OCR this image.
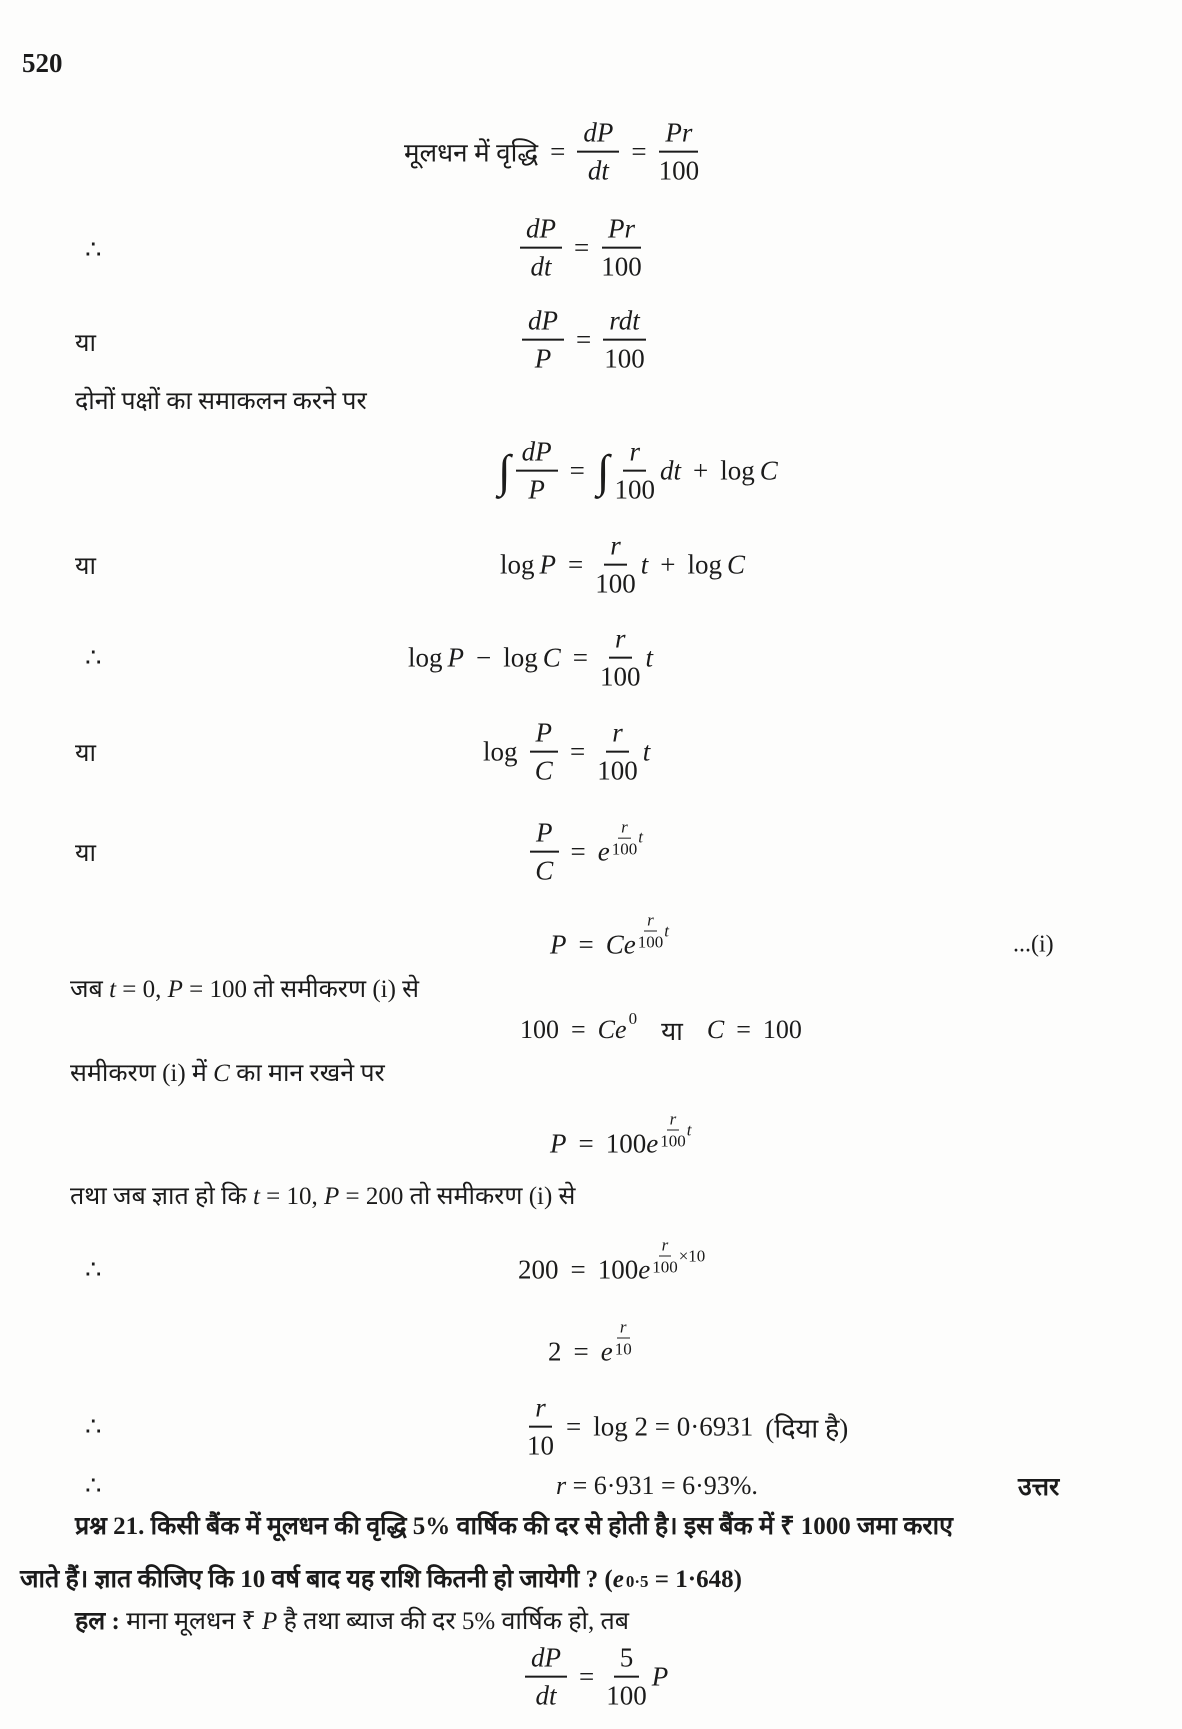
520
मूलधन में वृद्धि = $\frac{dP}{dt} = \frac{Pr}{100}$
∴	$\frac{dP}{dt} = \frac{Pr}{100}$
या	$\frac{dP}{P} = \frac{\text{rdt}}{100}$
दोनों पक्षों का समाकलन करने पर
∫ $\frac{dP}{P}$ = ∫ $\frac{r}{100}$ dt + log C
या	$\log P = \frac{r}{100}$ t + log C
∴	$\log P - \log C = \frac{r}{100}$ t
या	$\log \frac{P}{C} = \frac{r}{100}$ t
या	$\frac{P}{C} = e \frac{r}{100}$ t
P = Ce $\frac{r}{100}$ t
...(i)
जब t = 0, P = 100 तो समीकरण (i) से
100 = Ce 0 या C = 100
समीकरण (i) में C का मान रखने पर
P = 100 e $\frac{r}{100}$ t
तथा जब ज्ञात हो कि t = 10, P = 200 तो समीकरण (i) से
∴	200 = 100 e $\frac{r}{100} \times 10$
2 = e $\frac{r}{10}$
∴	$\frac{r}{10} = \log 2 = 0\cdot 6931$ (दिया है)
∴	r = 6·931 = 6·93%.	उत्तर
प्रश्न 21. किसी बैंक में मूलधन की वृद्धि 5% वार्षिक की दर से होती है। इस बैंक में ₹ 1000 जमा कराए
जाते हैं। ज्ञात कीजिए कि 10 वर्ष बाद यह राशि कितनी हो जायेगी ? (e 0·5 = 1·648)
हल : माना मूलधन ₹ P है तथा ब्याज की दर 5% वार्षिक हो, तब
$\frac{dP}{dt} = \frac{5}{100}$ P
